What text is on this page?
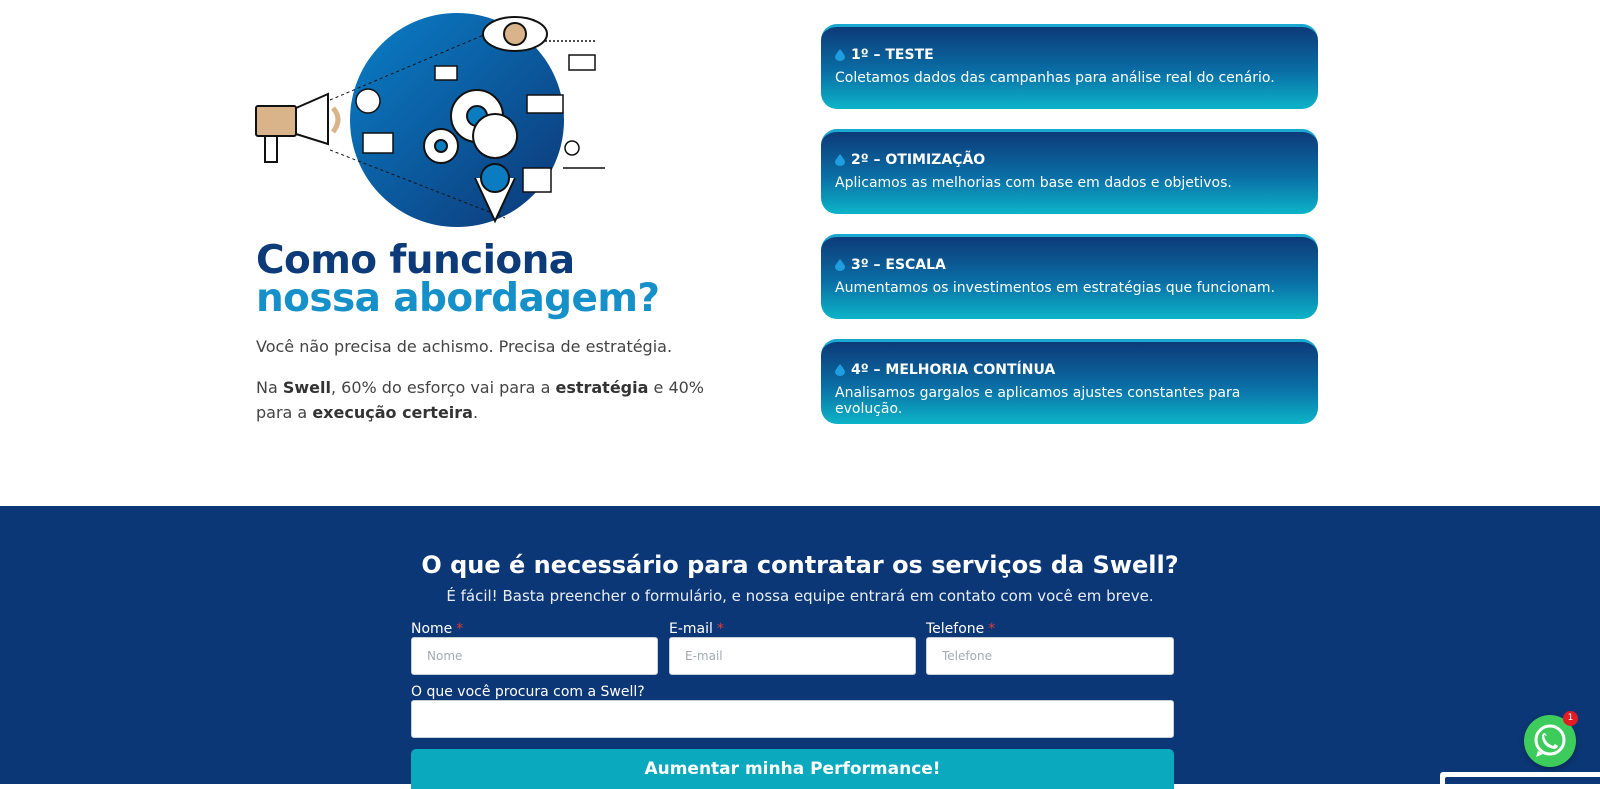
Como funciona
nossa abordagem?

Você não precisa de achismo. Precisa de estratégia.

Na Swell, 60% do esforço vai para a estratégia e 40% para a execução certeira.

1º – TESTE
Coletamos dados das campanhas para análise real do cenário.
2º – OTIMIZAÇÃO
Aplicamos as melhorias com base em dados e objetivos.
3º – ESCALA
Aumentamos os investimentos em estratégias que funcionam.
4º – MELHORIA CONTÍNUA
Analisamos gargalos e aplicamos ajustes constantes para evolução.
O que é necessário para contratar os serviços da Swell?

É fácil! Basta preencher o formulário, e nossa equipe entrará em contato com você em breve.

Nome *
Nome	E-mail *
E-mail	Telefone *
Telefone
O que você procura com a Swell?
Aumentar minha Performance!
1
